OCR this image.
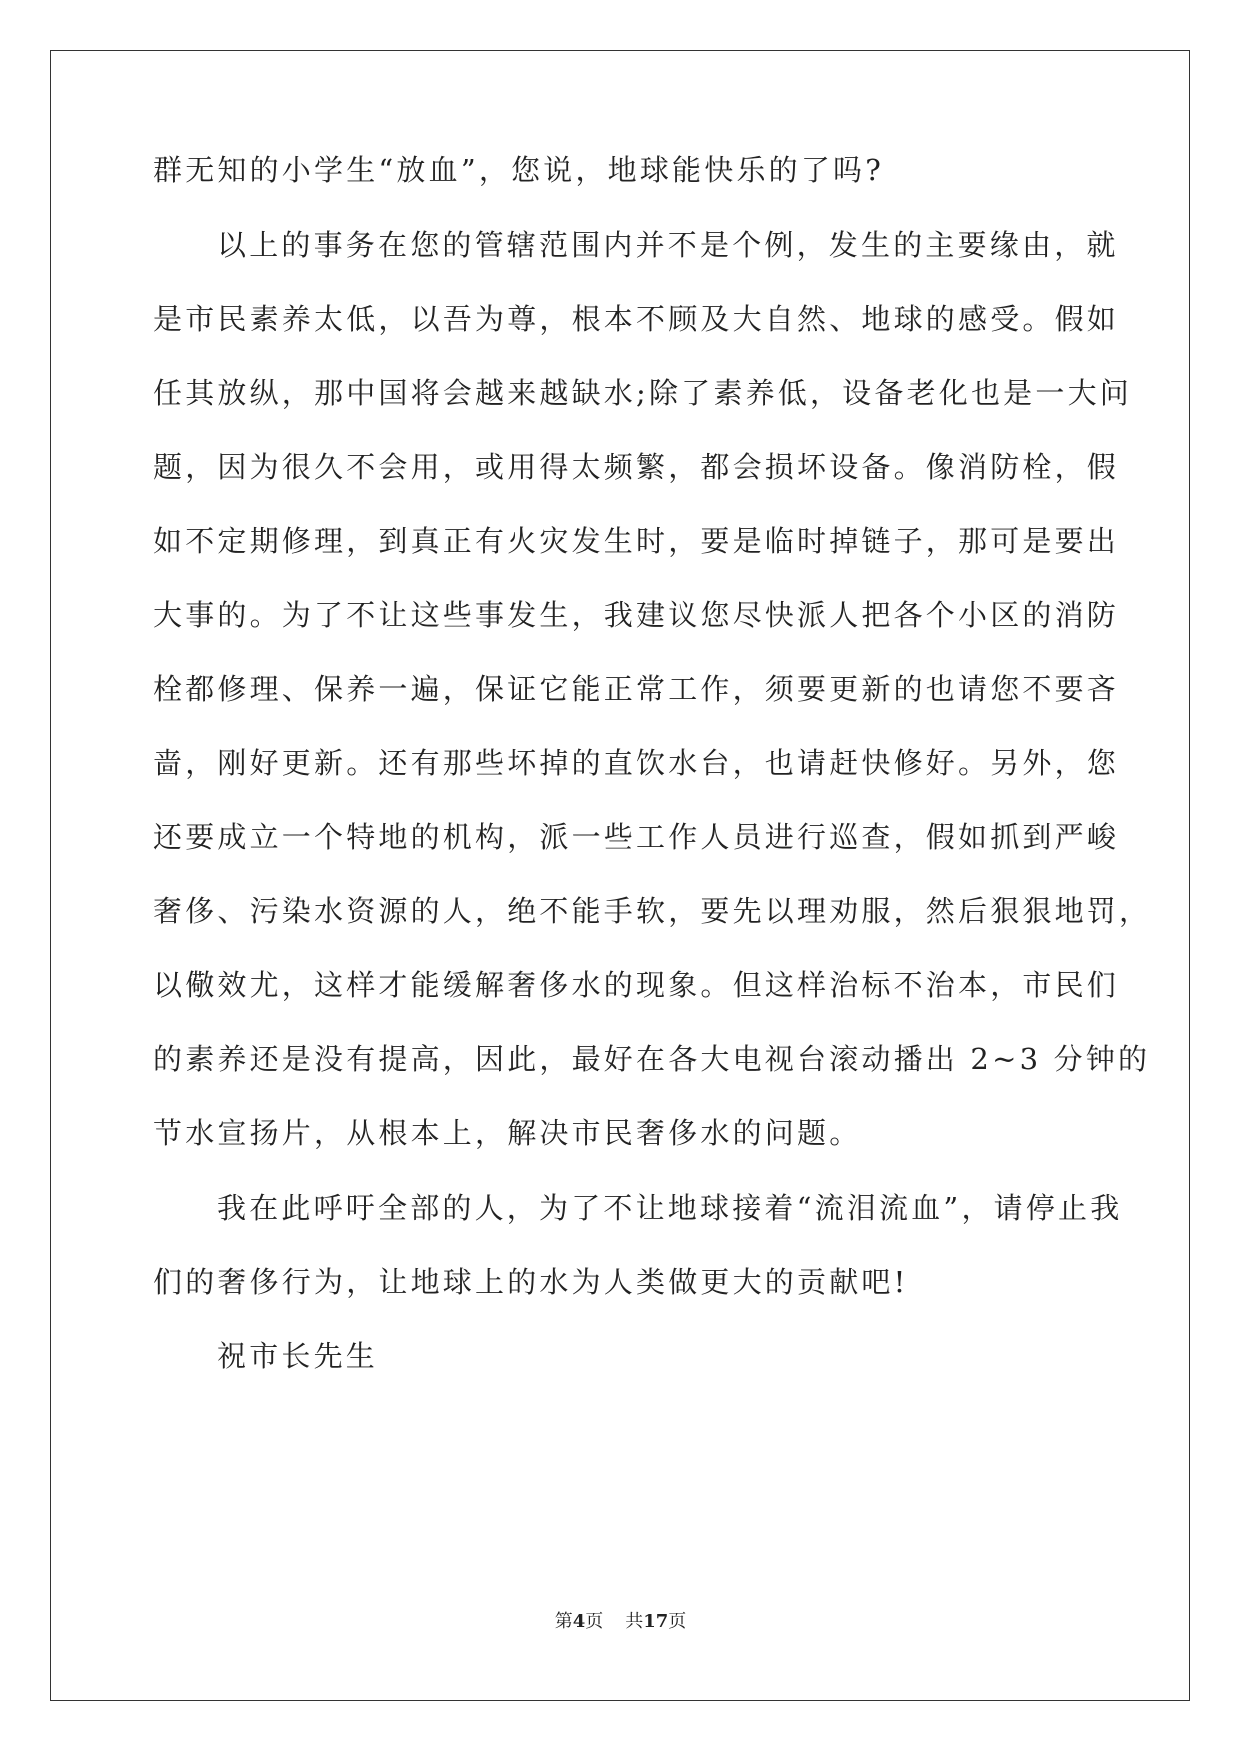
群无知的小学生“放血”，您说，地球能快乐的了吗?
以上的事务在您的管辖范围内并不是个例，发生的主要缘由，就
是市民素养太低，以吾为尊，根本不顾及大自然、地球的感受。假如
任其放纵，那中国将会越来越缺水;除了素养低，设备老化也是一大问
题，因为很久不会用，或用得太频繁，都会损坏设备。像消防栓，假
如不定期修理，到真正有火灾发生时，要是临时掉链子，那可是要出
大事的。为了不让这些事发生，我建议您尽快派人把各个小区的消防
栓都修理、保养一遍，保证它能正常工作，须要更新的也请您不要吝
啬，刚好更新。还有那些坏掉的直饮水台，也请赶快修好。另外，您
还要成立一个特地的机构，派一些工作人员进行巡查，假如抓到严峻
奢侈、污染水资源的人，绝不能手软，要先以理劝服，然后狠狠地罚，
以儆效尤，这样才能缓解奢侈水的现象。但这样治标不治本，市民们
的素养还是没有提高，因此，最好在各大电视台滚动播出 2~3 分钟的
节水宣扬片，从根本上，解决市民奢侈水的问题。
我在此呼吁全部的人，为了不让地球接着“流泪流血”，请停止我
们的奢侈行为，让地球上的水为人类做更大的贡献吧!
祝市长先生
第4页 共17页
